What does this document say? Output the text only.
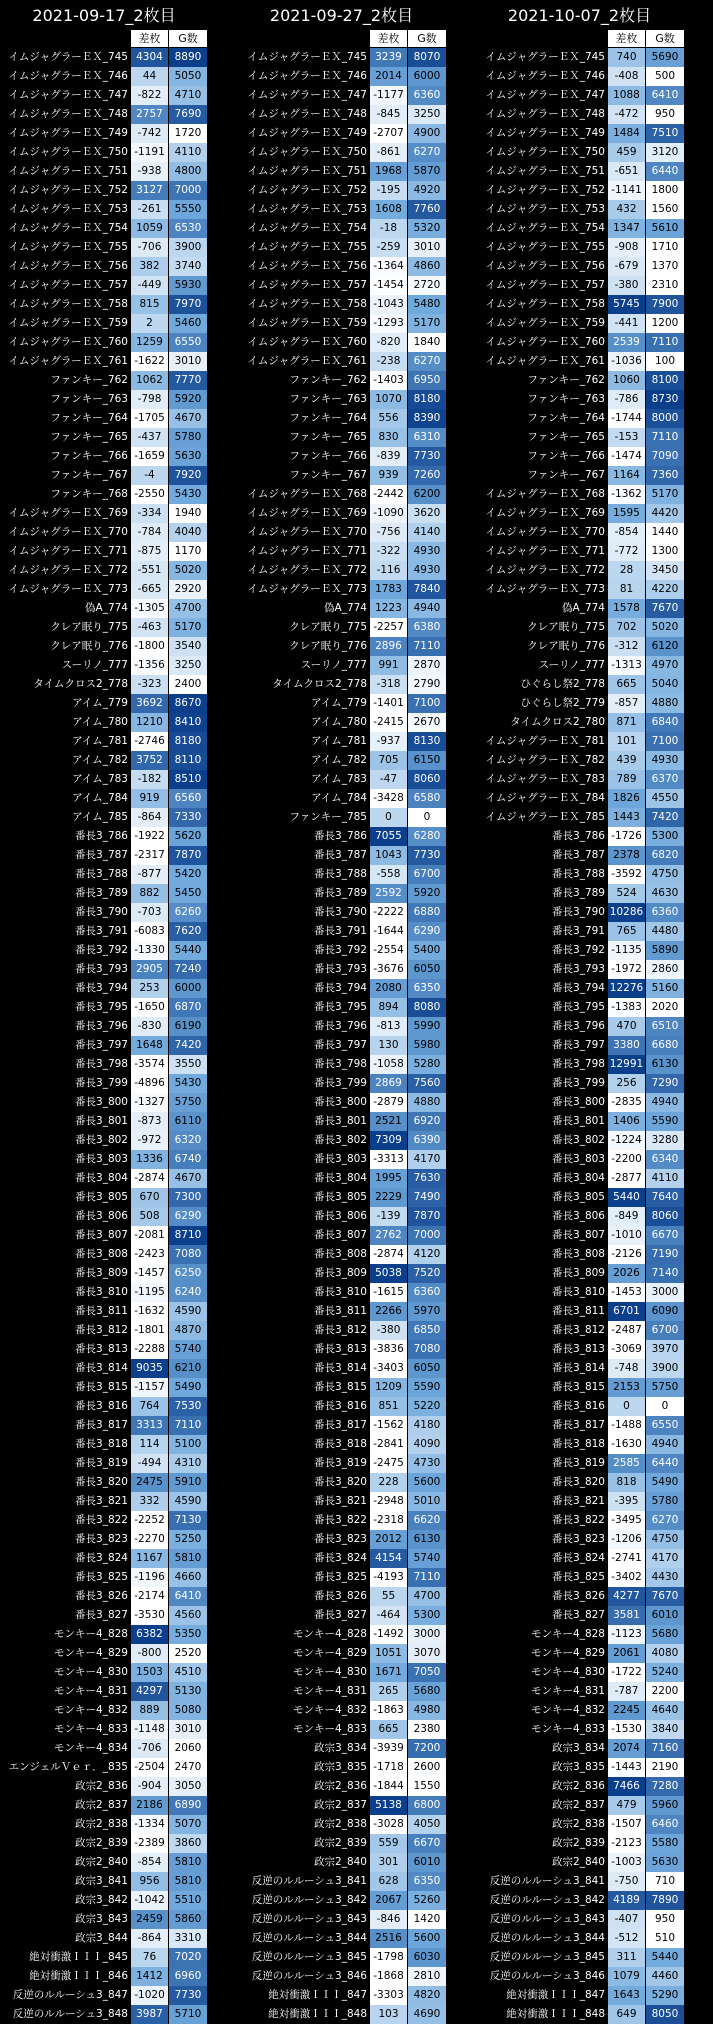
2021-09-17_2枚目
差枚	G数
イムジャグラーＥＸ_745 4304	8890
イムジャグラーＥＸ_746	44	5050
イムジャグラーＥＸ_747 -822	4710
イムジャグラーＥＸ_748 2757	7690
イムジャグラーＥＸ_749 -742	1720
イムジャグラーＥＸ_750 -1191 4110
イムジャグラーＥＸ_751 -938	4800
イムジャグラーＥＸ_752 3127	7000
イムジャグラーＥＸ_753 -261	5550
イムジャグラーＥＸ_754 1059	6530
イムジャグラーＥＸ_755 -706	3900
イムジャグラーＥＸ_756	382	3740
イムジャグラーＥＸ_757 -449	5930
イムジャグラーＥＸ_758	815	7970
イムジャグラーＥＸ_759	2	5460
イムジャグラーＥＸ_760 1259	6550
イムジャグラーＥＸ_761 -1622 3010
ファンキー_762 1062	7770
ファンキー_763 -798	5920
ファンキー_764 -1705 4670
ファンキー_765 -437	5780
ファンキー_766 -1659 5630
ファンキー_767	-4	7920
ファンキー_768 -2550 5430
イムジャグラーＥＸ_769 -334	1940
イムジャグラーＥＸ_770 -784	4040
イムジャグラーＥＸ_771 -875	1170
イムジャグラーＥＸ_772 -551	5020
イムジャグラーＥＸ_773 -665	2920
偽A_774 -1305 4700
クレア眠り_775 -463	5170
クレア眠り_776 -1800 3540
スーリノ_777 -1356 3250
タイムクロス2_778 -323	2400
アイム_779 3692	8670
アイム_780 1210	8410
アイム_781 -2746 8180
アイム_782 3752	8110
アイム_783 -182	8510
アイム_784	919	6560
アイム_785 -864	7330
番長3_786 -1922 5620
番長3_787 -2317 7870
番長3_788 -877	5420
番長3_789	882	5450
番長3_790 -703	6260
番長3_791 -6083 7620
番長3_792 -1330 5440
番長3_793 2905	7240
番長3_794	253	6000
番長3_795 -1650 6870
番長3_796 -830	6190
番長3_797 1648	7420
番長3_798 -3574 3550
番長3_799 -4896 5430
番長3_800 -1327 5750
番長3_801 -873	6110
番長3_802 -972	6320
番長3_803 1336	6740
番長3_804 -2874 4670
番長3_805	670	7300
番長3_806	508	6290
番長3_807 -2081 8710
番長3_808 -2423 7080
番長3_809 -1457 6250
番長3_810 -1195 6240
番長3_811 -1632 4590
番長3_812 -1801 4870
番長3_813 -2288 5740
番長3_814 9035	6210
番長3_815 -1157 5490
番長3_816	764	7530
番長3_817 3313	7110
番長3_818	114	5100
番長3_819 -494	4310
番長3_820 2475	5910
番長3_821	332	4590
番長3_822 -2252 7130
番長3_823 -2270 5250
番長3_824 1167	5810
番長3_825 -1196 4660
番長3_826 -2174 6410
番長3_827 -3530 4560
モンキー4_828 6382	5350
モンキー4_829 -800	2520
モンキー4_830 1503	4510
モンキー4_831 4297	5130
モンキー4_832	889	5080
モンキー4_833 -1148 3010
モンキー4_834 -706	2060
エンジェルＶｅｒ．_835 -2504 2470
政宗2_836 -904	3050
政宗2_837 2186	6890
政宗2_838 -1334 5070
政宗2_839 -2389 3860
政宗2_840 -854	5810
政宗3_841	956	5810
政宗3_842 -1042 5510
政宗3_843 2459	5860
政宗3_844 -864	3310
絶対衝激ＩＩＩ_845	76	7020
絶対衝激ＩＩＩ_846 1412	6960
反逆のルルーシュ3_847 -1020 7730
反逆のルルーシュ3_848 3987	5710
2021-09-27_2枚目
差枚	G数
イムジャグラーＥＸ_745 3239	8070
イムジャグラーＥＸ_746 2014	6000
イムジャグラーＥＸ_747 -1177 6360
イムジャグラーＥＸ_748 -845	3250
イムジャグラーＥＸ_749 -2707 4900
イムジャグラーＥＸ_750 -861	6270
イムジャグラーＥＸ_751 1968	5870
イムジャグラーＥＸ_752 -195	4920
イムジャグラーＥＸ_753 1608	7760
イムジャグラーＥＸ_754	-18	5320
イムジャグラーＥＸ_755 -259	3010
イムジャグラーＥＸ_756 -1364 4860
イムジャグラーＥＸ_757 -1454 2720
イムジャグラーＥＸ_758 -1043 5480
イムジャグラーＥＸ_759 -1293 5170
イムジャグラーＥＸ_760 -820	1840
イムジャグラーＥＸ_761 -238	6270
ファンキー_762 -1403 6950
ファンキー_763 1070	8180
ファンキー_764	556	8390
ファンキー_765	830	6310
ファンキー_766 -839	7730
ファンキー_767	939	7260
イムジャグラーＥＸ_768 -2442 6200
イムジャグラーＥＸ_769 -1090 3620
イムジャグラーＥＸ_770 -756	4140
イムジャグラーＥＸ_771 -322	4930
イムジャグラーＥＸ_772 -116	4930
イムジャグラーＥＸ_773 1783	7840
偽A_774 1223	4940
クレア眠り_775 -2257 6380
クレア眠り_776 2896	7110
スーリノ_777	991	2870
タイムクロス2_778 -318	2790
アイム_779 -1401 7100
アイム_780 -2415 2670
アイム_781 -937	8130
アイム_782	705	6150
アイム_783	-47	8060
アイム_784 -3428 6580
ファンキー_785	0	0
番長3_786 7055	6280
番長3_787 1043	7730
番長3_788 -558	6700
番長3_789 2592	5920
番長3_790 -2222 6880
番長3_791 -1644 6290
番長3_792 -2554 5400
番長3_793 -3676 6050
番長3_794 2080	6350
番長3_795	894	8080
番長3_796 -813	5990
番長3_797	130	5980
番長3_798 -1058 5280
番長3_799 2869	7560
番長3_800 -2879 4880
番長3_801 2521	6920
番長3_802 7309	6390
番長3_803 -3313 4170
番長3_804 1995	7630
番長3_805 2229	7490
番長3_806 -139	7870
番長3_807 2762	7000
番長3_808 -2874 4120
番長3_809 5038	7520
番長3_810 -1615 6360
番長3_811 2266	5970
番長3_812 -380	6850
番長3_813 -3836 7080
番長3_814 -3403 6050
番長3_815 1209	5590
番長3_816	851	5220
番長3_817 -1562 4180
番長3_818 -2841 4090
番長3_819 -2475 4730
番長3_820	228	5600
番長3_821 -2948 5010
番長3_822 -2318 6620
番長3_823 2012	6130
番長3_824 4154	5740
番長3_825 -4193 7110
番長3_826	55	4700
番長3_827 -464	5300
モンキー4_828 -1492 3000
モンキー4_829 1051	3070
モンキー4_830 1671	7050
モンキー4_831	265	5680
モンキー4_832 -1863 4980
モンキー4_833	665	2380
政宗3_834 -3939 7200
政宗3_835 -1718 2600
政宗2_836 -1844 1550
政宗2_837 5138	6800
政宗2_838 -3028 4050
政宗2_839	559	6670
政宗2_840	301	6010
反逆のルルーシュ3_841	628	6350
反逆のルルーシュ3_842 2067	5260
反逆のルルーシュ3_843 -846	1420
反逆のルルーシュ3_844 2516	5600
反逆のルルーシュ3_845 -1798 6030
反逆のルルーシュ3_846 -1868 2810
絶対衝激ＩＩＩ_847 -3303 4820
絶対衝激ＩＩＩ_848	103	4690
2021-10-07_2枚目
差枚	G数
イムジャグラーＥＸ_745	740	5690
イムジャグラーＥＸ_746 -408	500
イムジャグラーＥＸ_747 1088	6410
イムジャグラーＥＸ_748 -472	950
イムジャグラーＥＸ_749 1484	7510
イムジャグラーＥＸ_750	459	3120
イムジャグラーＥＸ_751 -651	6440
イムジャグラーＥＸ_752 -1141 1800
イムジャグラーＥＸ_753	432	1560
イムジャグラーＥＸ_754 1347	5610
イムジャグラーＥＸ_755 -908	1710
イムジャグラーＥＸ_756 -679	1370
イムジャグラーＥＸ_757 -380	2310
イムジャグラーＥＸ_758 5745	7900
イムジャグラーＥＸ_759 -441	1200
イムジャグラーＥＸ_760 2539	7110
イムジャグラーＥＸ_761 -1036	100
ファンキー_762 1060	8100
ファンキー_763 -786	8730
ファンキー_764 -1744 8000
ファンキー_765 -153	7110
ファンキー_766 -1474 7090
ファンキー_767 1164	7360
イムジャグラーＥＸ_768 -1362 5170
イムジャグラーＥＸ_769 1595	4420
イムジャグラーＥＸ_770 -854	1440
イムジャグラーＥＸ_771 -772	1300
イムジャグラーＥＸ_772	28	3450
イムジャグラーＥＸ_773	81	4220
偽A_774 1578	7670
クレア眠り_775	702	5020
クレア眠り_776 -312	6120
スーリノ_777 -1313 4970
ひぐらし祭2_778	665	5040
ひぐらし祭2_779 -857	4880
タイムクロス2_780	871	6840
イムジャグラーＥＸ_781	101	7100
イムジャグラーＥＸ_782	439	4930
イムジャグラーＥＸ_783	789	6370
イムジャグラーＥＸ_784 1826	4550
イムジャグラーＥＸ_785 1443	7420
番長3_786 -1726 5300
番長3_787 2378	6820
番長3_788 -3592 4750
番長3_789	524	4630
番長3_790 10286 6360
番長3_791	765	4480
番長3_792 -1135 5890
番長3_793 -1972 2860
番長3_794 12276 5160
番長3_795 -1383 2020
番長3_796	470	6510
番長3_797 3380	6680
番長3_798 12991 6130
番長3_799	256	7290
番長3_800 -2835 4940
番長3_801 1406	5590
番長3_802 -1224 3280
番長3_803 -2200 6340
番長3_804 -2877 4110
番長3_805 5440	7640
番長3_806 -849	8060
番長3_807 -1010 6670
番長3_808 -2126 7190
番長3_809 2026	7140
番長3_810 -1453 3000
番長3_811 6701	6090
番長3_812 -2487 6700
番長3_813 -3069 3970
番長3_814 -748	3900
番長3_815 2153	5750
番長3_816	0	0
番長3_817 -1488 6550
番長3_818 -1630 4940
番長3_819 2585	6440
番長3_820	818	5490
番長3_821 -395	5780
番長3_822 -3495 6270
番長3_823 -1206 4750
番長3_824 -2741 4170
番長3_825 -3402 4430
番長3_826 4277	7670
番長3_827 3581	6010
モンキー4_828 -1123 5680
モンキー4_829 2061	4080
モンキー4_830 -1722 5240
モンキー4_831 -787	2200
モンキー4_832 2245	4640
モンキー4_833 -1530 3840
政宗3_834 2074	7160
政宗3_835 -1443 2190
政宗2_836 7466	7280
政宗2_837	479	5960
政宗2_838 -1507 6460
政宗2_839 -2123 5580
政宗2_840 -1003 5630
反逆のルルーシュ3_841 -750	710
反逆のルルーシュ3_842 4189	7890
反逆のルルーシュ3_843 -407	950
反逆のルルーシュ3_844 -512	510
反逆のルルーシュ3_845	311	5440
反逆のルルーシュ3_846 1079	4460
絶対衝激ＩＩＩ_847 1643	5290
絶対衝激ＩＩＩ_848	649	8050
